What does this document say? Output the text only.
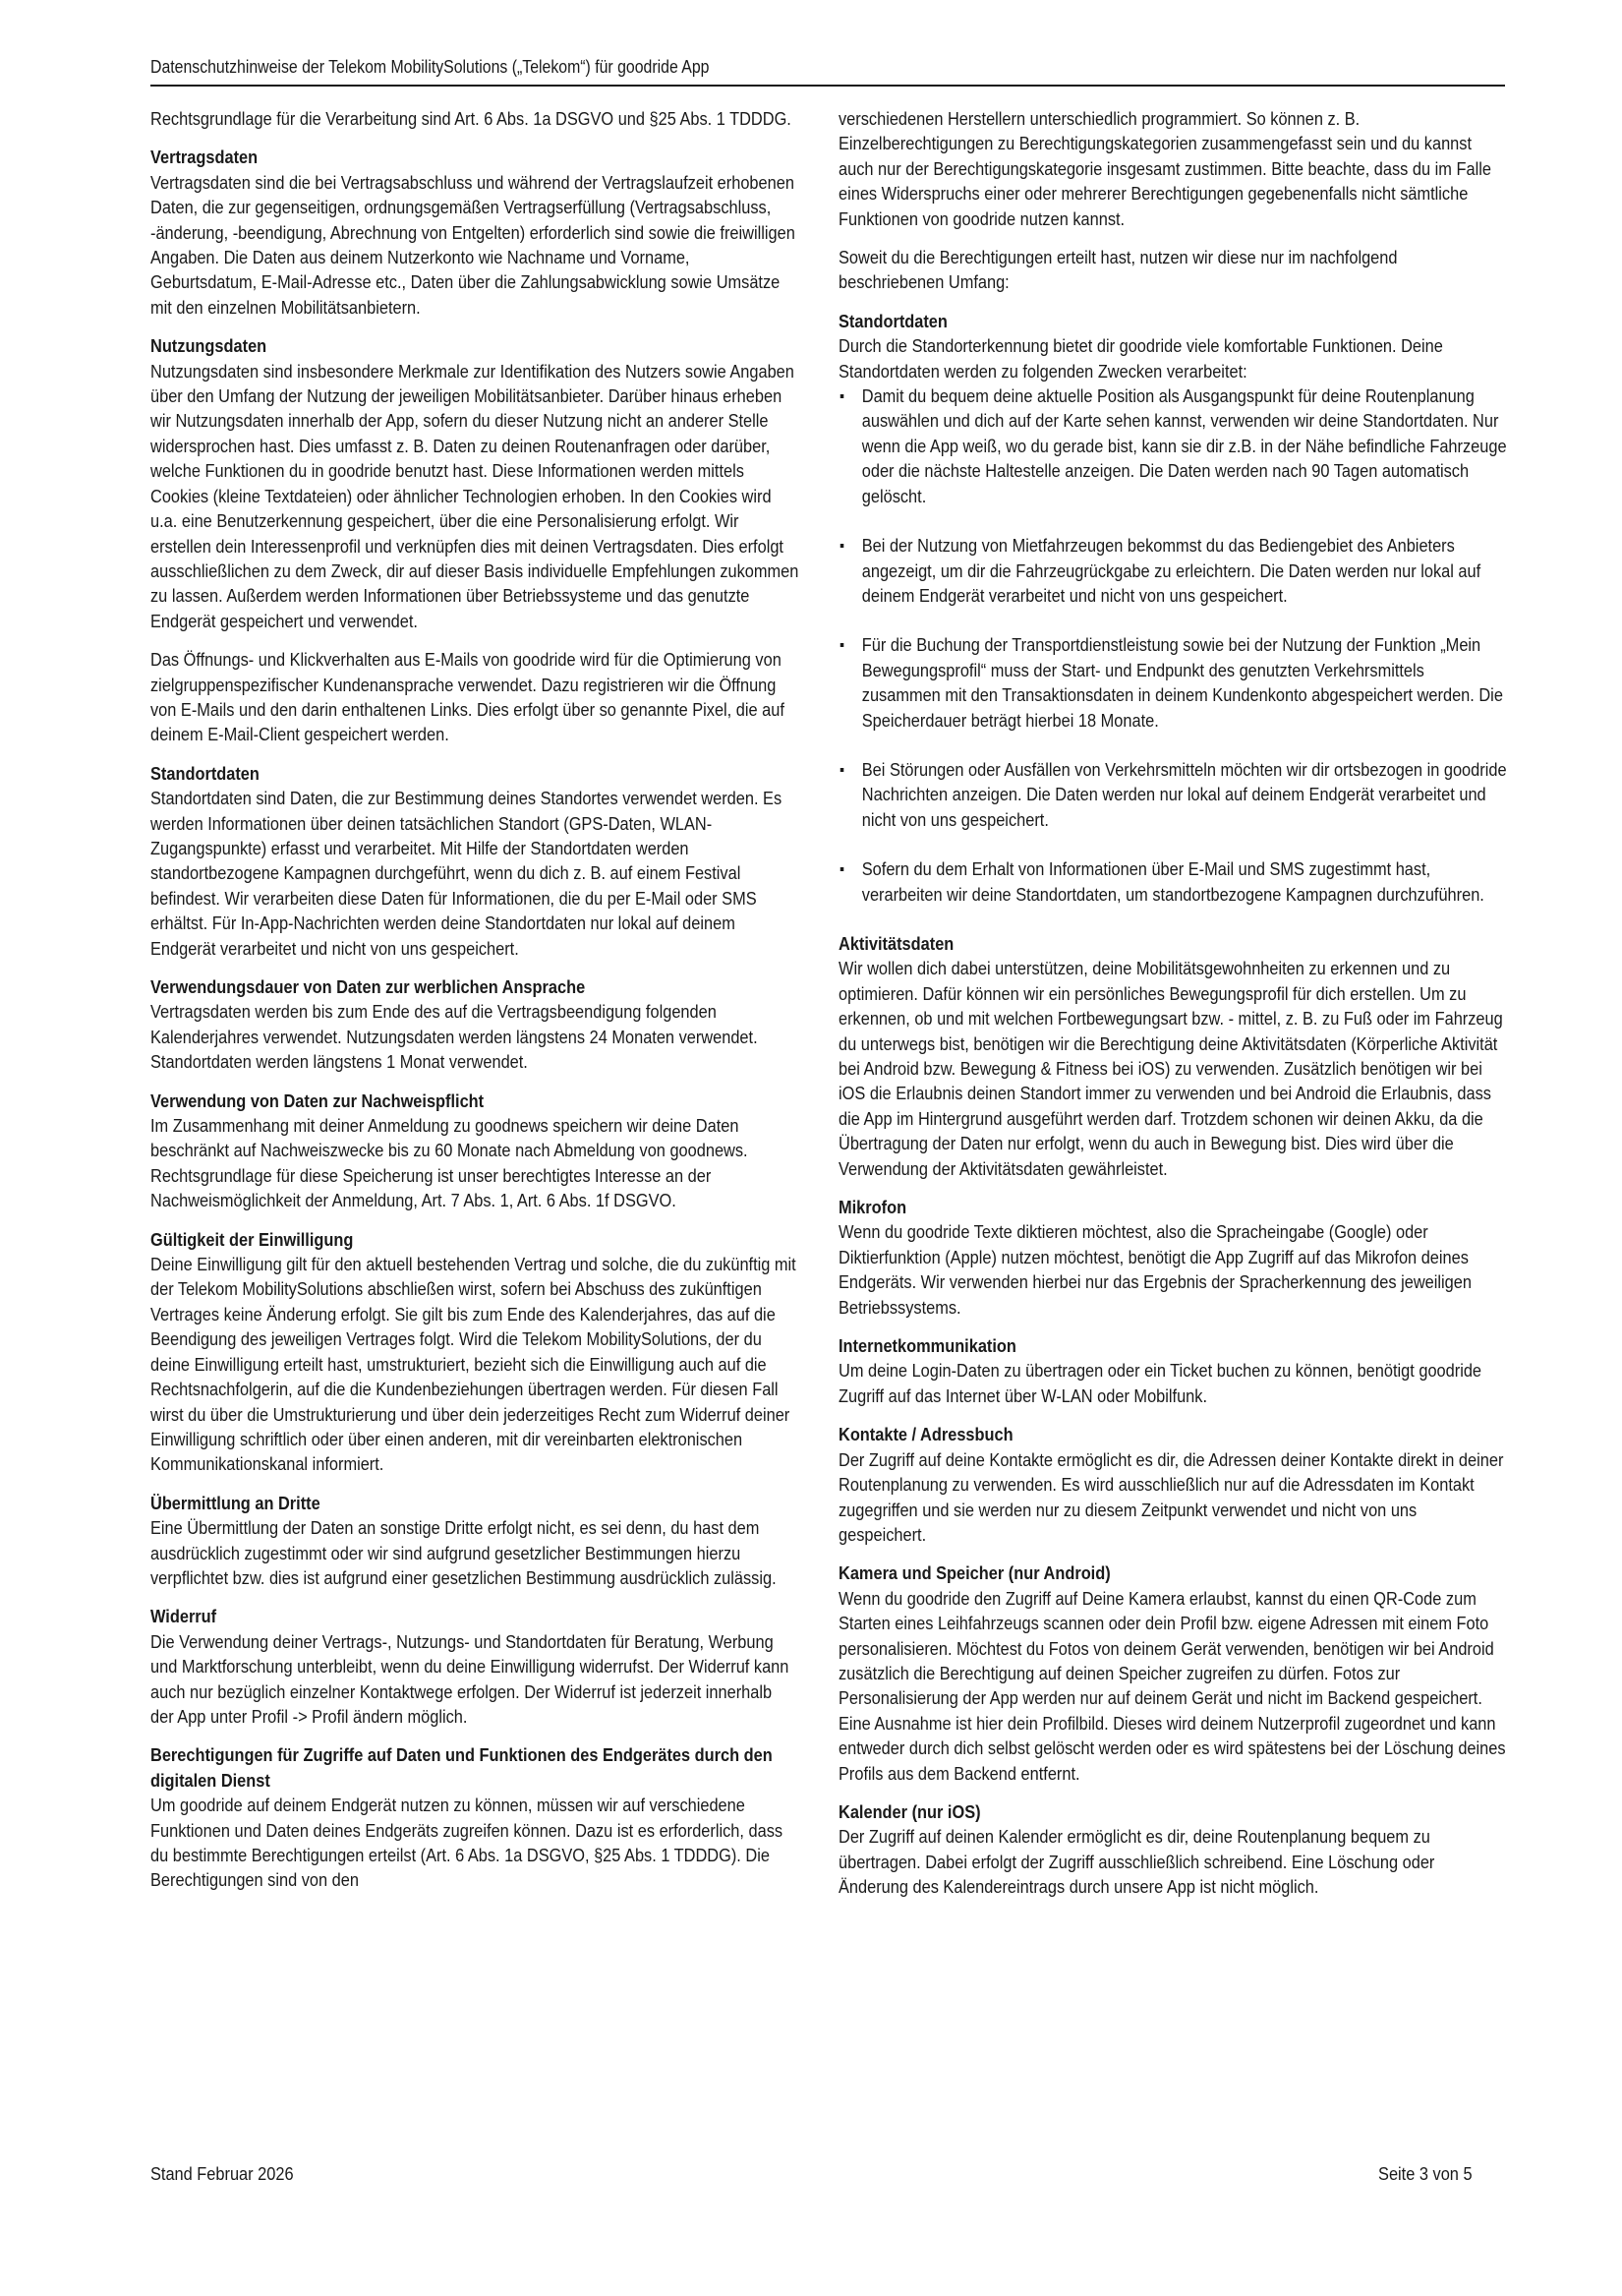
Datenschutzhinweise der Telekom MobilitySolutions („Telekom“) für goodride App

Rechtsgrundlage für die Verarbeitung sind Art. 6 Abs. 1a DSGVO und §25 Abs. 1 TDDDG.

Vertragsdaten
Vertragsdaten sind die bei Vertragsabschluss und während der Vertragslaufzeit erhobenen Daten, die zur gegenseitigen, ordnungsgemäßen Vertragserfüllung (Vertragsabschluss, -änderung, -beendigung, Abrechnung von Entgelten) erforderlich sind sowie die freiwilligen Angaben. Die Daten aus deinem Nutzerkonto wie Nachname und Vorname, Geburtsdatum, E-Mail-Adresse etc., Daten über die Zahlungsabwicklung sowie Umsätze mit den einzelnen Mobilitätsanbietern.
Nutzungsdaten
Nutzungsdaten sind insbesondere Merkmale zur Identifikation des Nutzers sowie Angaben über den Umfang der Nutzung der jeweiligen Mobilitätsanbieter. Darüber hinaus erheben wir Nutzungsdaten innerhalb der App, sofern du dieser Nutzung nicht an anderer Stelle widersprochen hast. Dies umfasst z. B. Daten zu deinen Routenanfragen oder darüber, welche Funktionen du in goodride benutzt hast. Diese Informationen werden mittels Cookies (kleine Textdateien) oder ähnlicher Technologien erhoben. In den Cookies wird u.a. eine Benutzerkennung gespeichert, über die eine Personalisierung erfolgt. Wir erstellen dein Interessenprofil und verknüpfen dies mit deinen Vertragsdaten. Dies erfolgt ausschließlichen zu dem Zweck, dir auf dieser Basis individuelle Empfehlungen zukommen zu lassen. Außerdem werden Informationen über Betriebssysteme und das genutzte Endgerät gespeichert und verwendet.
Das Öffnungs- und Klickverhalten aus E-Mails von goodride wird für die Optimierung von zielgruppenspezifischer Kundenansprache verwendet. Dazu registrieren wir die Öffnung von E-Mails und den darin enthaltenen Links. Dies erfolgt über so genannte Pixel, die auf deinem E-Mail-Client gespeichert werden.
Standortdaten
Standortdaten sind Daten, die zur Bestimmung deines Standortes verwendet werden. Es werden Informationen über deinen tatsächlichen Standort (GPS-Daten, WLAN-Zugangspunkte) erfasst und verarbeitet. Mit Hilfe der Standortdaten werden standortbezogene Kampagnen durchgeführt, wenn du dich z. B. auf einem Festival befindest. Wir verarbeiten diese Daten für Informationen, die du per E-Mail oder SMS erhältst. Für In-App-Nachrichten werden deine Standortdaten nur lokal auf deinem Endgerät verarbeitet und nicht von uns gespeichert.
Verwendungsdauer von Daten zur werblichen Ansprache
Vertragsdaten werden bis zum Ende des auf die Vertragsbeendigung folgenden Kalenderjahres verwendet. Nutzungsdaten werden längstens 24 Monaten verwendet. Standortdaten werden längstens 1 Monat verwendet.
Verwendung von Daten zur Nachweispflicht
Im Zusammenhang mit deiner Anmeldung zu goodnews speichern wir deine Daten beschränkt auf Nachweiszwecke bis zu 60 Monate nach Abmeldung von goodnews. Rechtsgrundlage für diese Speicherung ist unser berechtigtes Interesse an der Nachweismöglichkeit der Anmeldung, Art. 7 Abs. 1, Art. 6 Abs. 1f DSGVO.
Gültigkeit der Einwilligung
Deine Einwilligung gilt für den aktuell bestehenden Vertrag und solche, die du zukünftig mit der Telekom MobilitySolutions abschließen wirst, sofern bei Abschuss des zukünftigen Vertrages keine Änderung erfolgt. Sie gilt bis zum Ende des Kalenderjahres, das auf die Beendigung des jeweiligen Vertrages folgt. Wird die Telekom MobilitySolutions, der du deine Einwilligung erteilt hast, umstrukturiert, bezieht sich die Einwilligung auch auf die Rechtsnachfolgerin, auf die die Kundenbeziehungen übertragen werden. Für diesen Fall wirst du über die Umstrukturierung und über dein jederzeitiges Recht zum Widerruf deiner Einwilligung schriftlich oder über einen anderen, mit dir vereinbarten elektronischen Kommunikationskanal informiert.
Übermittlung an Dritte
Eine Übermittlung der Daten an sonstige Dritte erfolgt nicht, es sei denn, du hast dem ausdrücklich zugestimmt oder wir sind aufgrund gesetzlicher Bestimmungen hierzu verpflichtet bzw. dies ist aufgrund einer gesetzlichen Bestimmung ausdrücklich zulässig.
Widerruf
Die Verwendung deiner Vertrags-, Nutzungs- und Standortdaten für Beratung, Werbung und Marktforschung unterbleibt, wenn du deine Einwilligung widerrufst. Der Widerruf kann auch nur bezüglich einzelner Kontaktwege erfolgen. Der Widerruf ist jederzeit innerhalb der App unter Profil -> Profil ändern möglich.
Berechtigungen für Zugriffe auf Daten und Funktionen des Endgerätes durch den digitalen Dienst
Um goodride auf deinem Endgerät nutzen zu können, müssen wir auf verschiedene Funktionen und Daten deines Endgeräts zugreifen können. Dazu ist es erforderlich, dass du bestimmte Berechtigungen erteilst (Art. 6 Abs. 1a DSGVO, §25 Abs. 1 TDDDG). Die Berechtigungen sind von den

verschiedenen Herstellern unterschiedlich programmiert. So können z. B. Einzelberechtigungen zu Berechtigungskategorien zusammengefasst sein und du kannst auch nur der Berechtigungskategorie insgesamt zustimmen. Bitte beachte, dass du im Falle eines Widerspruchs einer oder mehrerer Berechtigungen gegebenenfalls nicht sämtliche Funktionen von goodride nutzen kannst.

Soweit du die Berechtigungen erteilt hast, nutzen wir diese nur im nachfolgend beschriebenen Umfang:

Standortdaten
Durch die Standorterkennung bietet dir goodride viele komfortable Funktionen. Deine Standortdaten werden zu folgenden Zwecken verarbeitet:
Damit du bequem deine aktuelle Position als Ausgangspunkt für deine Routenplanung auswählen und dich auf der Karte sehen kannst, verwenden wir deine Standortdaten. Nur wenn die App weiß, wo du gerade bist, kann sie dir z.B. in der Nähe befindliche Fahrzeuge oder die nächste Haltestelle anzeigen. Die Daten werden nach 90 Tagen automatisch gelöscht.
Bei der Nutzung von Mietfahrzeugen bekommst du das Bediengebiet des Anbieters angezeigt, um dir die Fahrzeugrückgabe zu erleichtern. Die Daten werden nur lokal auf deinem Endgerät verarbeitet und nicht von uns gespeichert.
Für die Buchung der Transportdienstleistung sowie bei der Nutzung der Funktion „Mein Bewegungsprofil“ muss der Start- und Endpunkt des genutzten Verkehrsmittels zusammen mit den Transaktionsdaten in deinem Kundenkonto abgespeichert werden. Die Speicherdauer beträgt hierbei 18 Monate.
Bei Störungen oder Ausfällen von Verkehrsmitteln möchten wir dir ortsbezogen in goodride Nachrichten anzeigen. Die Daten werden nur lokal auf deinem Endgerät verarbeitet und nicht von uns gespeichert.
Sofern du dem Erhalt von Informationen über E-Mail und SMS zugestimmt hast, verarbeiten wir deine Standortdaten, um standortbezogene Kampagnen durchzuführen.
Aktivitätsdaten
Wir wollen dich dabei unterstützen, deine Mobilitätsgewohnheiten zu erkennen und zu optimieren. Dafür können wir ein persönliches Bewegungsprofil für dich erstellen. Um zu erkennen, ob und mit welchen Fortbewegungsart bzw. - mittel, z. B. zu Fuß oder im Fahrzeug du unterwegs bist, benötigen wir die Berechtigung deine Aktivitätsdaten (Körperliche Aktivität bei Android bzw. Bewegung & Fitness bei iOS) zu verwenden. Zusätzlich benötigen wir bei iOS die Erlaubnis deinen Standort immer zu verwenden und bei Android die Erlaubnis, dass die App im Hintergrund ausgeführt werden darf. Trotzdem schonen wir deinen Akku, da die Übertragung der Daten nur erfolgt, wenn du auch in Bewegung bist. Dies wird über die Verwendung der Aktivitätsdaten gewährleistet.
Mikrofon
Wenn du goodride Texte diktieren möchtest, also die Spracheingabe (Google) oder Diktierfunktion (Apple) nutzen möchtest, benötigt die App Zugriff auf das Mikrofon deines Endgeräts. Wir verwenden hierbei nur das Ergebnis der Spracherkennung des jeweiligen Betriebssystems.
Internetkommunikation
Um deine Login-Daten zu übertragen oder ein Ticket buchen zu können, benötigt goodride Zugriff auf das Internet über W-LAN oder Mobilfunk.
Kontakte / Adressbuch
Der Zugriff auf deine Kontakte ermöglicht es dir, die Adressen deiner Kontakte direkt in deiner Routenplanung zu verwenden. Es wird ausschließlich nur auf die Adressdaten im Kontakt zugegriffen und sie werden nur zu diesem Zeitpunkt verwendet und nicht von uns gespeichert.
Kamera und Speicher (nur Android)
Wenn du goodride den Zugriff auf Deine Kamera erlaubst, kannst du einen QR-Code zum Starten eines Leihfahrzeugs scannen oder dein Profil bzw. eigene Adressen mit einem Foto personalisieren. Möchtest du Fotos von deinem Gerät verwenden, benötigen wir bei Android zusätzlich die Berechtigung auf deinen Speicher zugreifen zu dürfen. Fotos zur Personalisierung der App werden nur auf deinem Gerät und nicht im Backend gespeichert. Eine Ausnahme ist hier dein Profilbild. Dieses wird deinem Nutzerprofil zugeordnet und kann entweder durch dich selbst gelöscht werden oder es wird spätestens bei der Löschung deines Profils aus dem Backend entfernt.
Kalender (nur iOS)
Der Zugriff auf deinen Kalender ermöglicht es dir, deine Routenplanung bequem zu übertragen. Dabei erfolgt der Zugriff ausschließlich schreibend. Eine Löschung oder Änderung des Kalendereintrags durch unsere App ist nicht möglich.
Stand Februar 2026	Seite 3 von 5
